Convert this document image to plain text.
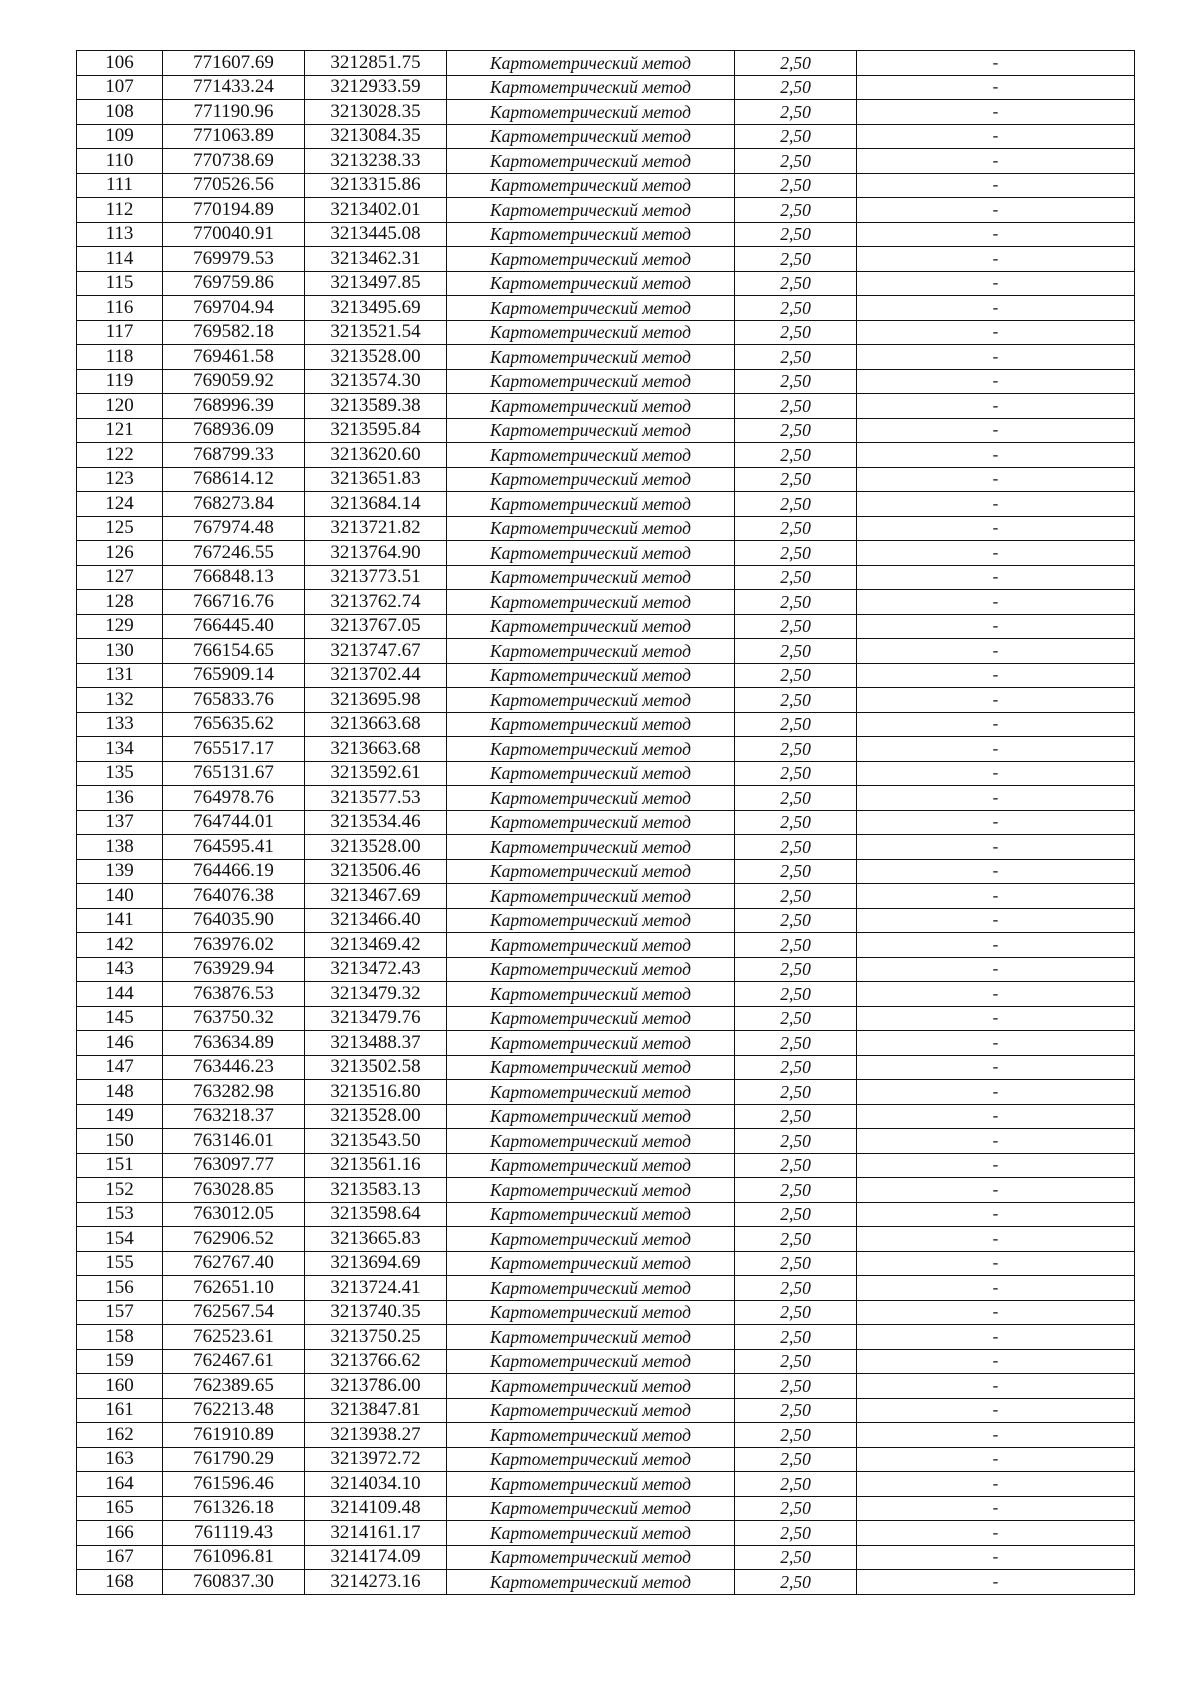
106	771607.69	3212851.75	Картометрический метод	2,50	-
107	771433.24	3212933.59	Картометрический метод	2,50	-
108	771190.96	3213028.35	Картометрический метод	2,50	-
109	771063.89	3213084.35	Картометрический метод	2,50	-
110	770738.69	3213238.33	Картометрический метод	2,50	-
111	770526.56	3213315.86	Картометрический метод	2,50	-
112	770194.89	3213402.01	Картометрический метод	2,50	-
113	770040.91	3213445.08	Картометрический метод	2,50	-
114	769979.53	3213462.31	Картометрический метод	2,50	-
115	769759.86	3213497.85	Картометрический метод	2,50	-
116	769704.94	3213495.69	Картометрический метод	2,50	-
117	769582.18	3213521.54	Картометрический метод	2,50	-
118	769461.58	3213528.00	Картометрический метод	2,50	-
119	769059.92	3213574.30	Картометрический метод	2,50	-
120	768996.39	3213589.38	Картометрический метод	2,50	-
121	768936.09	3213595.84	Картометрический метод	2,50	-
122	768799.33	3213620.60	Картометрический метод	2,50	-
123	768614.12	3213651.83	Картометрический метод	2,50	-
124	768273.84	3213684.14	Картометрический метод	2,50	-
125	767974.48	3213721.82	Картометрический метод	2,50	-
126	767246.55	3213764.90	Картометрический метод	2,50	-
127	766848.13	3213773.51	Картометрический метод	2,50	-
128	766716.76	3213762.74	Картометрический метод	2,50	-
129	766445.40	3213767.05	Картометрический метод	2,50	-
130	766154.65	3213747.67	Картометрический метод	2,50	-
131	765909.14	3213702.44	Картометрический метод	2,50	-
132	765833.76	3213695.98	Картометрический метод	2,50	-
133	765635.62	3213663.68	Картометрический метод	2,50	-
134	765517.17	3213663.68	Картометрический метод	2,50	-
135	765131.67	3213592.61	Картометрический метод	2,50	-
136	764978.76	3213577.53	Картометрический метод	2,50	-
137	764744.01	3213534.46	Картометрический метод	2,50	-
138	764595.41	3213528.00	Картометрический метод	2,50	-
139	764466.19	3213506.46	Картометрический метод	2,50	-
140	764076.38	3213467.69	Картометрический метод	2,50	-
141	764035.90	3213466.40	Картометрический метод	2,50	-
142	763976.02	3213469.42	Картометрический метод	2,50	-
143	763929.94	3213472.43	Картометрический метод	2,50	-
144	763876.53	3213479.32	Картометрический метод	2,50	-
145	763750.32	3213479.76	Картометрический метод	2,50	-
146	763634.89	3213488.37	Картометрический метод	2,50	-
147	763446.23	3213502.58	Картометрический метод	2,50	-
148	763282.98	3213516.80	Картометрический метод	2,50	-
149	763218.37	3213528.00	Картометрический метод	2,50	-
150	763146.01	3213543.50	Картометрический метод	2,50	-
151	763097.77	3213561.16	Картометрический метод	2,50	-
152	763028.85	3213583.13	Картометрический метод	2,50	-
153	763012.05	3213598.64	Картометрический метод	2,50	-
154	762906.52	3213665.83	Картометрический метод	2,50	-
155	762767.40	3213694.69	Картометрический метод	2,50	-
156	762651.10	3213724.41	Картометрический метод	2,50	-
157	762567.54	3213740.35	Картометрический метод	2,50	-
158	762523.61	3213750.25	Картометрический метод	2,50	-
159	762467.61	3213766.62	Картометрический метод	2,50	-
160	762389.65	3213786.00	Картометрический метод	2,50	-
161	762213.48	3213847.81	Картометрический метод	2,50	-
162	761910.89	3213938.27	Картометрический метод	2,50	-
163	761790.29	3213972.72	Картометрический метод	2,50	-
164	761596.46	3214034.10	Картометрический метод	2,50	-
165	761326.18	3214109.48	Картометрический метод	2,50	-
166	761119.43	3214161.17	Картометрический метод	2,50	-
167	761096.81	3214174.09	Картометрический метод	2,50	-
168	760837.30	3214273.16	Картометрический метод	2,50	-
